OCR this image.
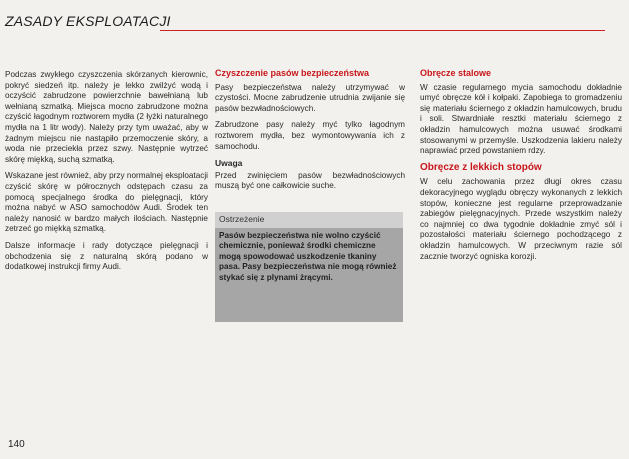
ZASADY EKSPLOATACJI

Podczas zwykłego czyszczenia skórzanych kierownic, pokryć siedzeń itp. należy je lekko zwilżyć wodą i oczyścić zabrudzone powierzchnie bawełnianą lub wełnianą szmatką. Miejsca mocno zabrudzone można czyścić łagodnym roztworem mydła (2 łyżki naturalnego mydła na 1 litr wody). Należy przy tym uważać, aby w żadnym miejscu nie nastąpiło przemoczenie skóry, a woda nie przeciekła przez szwy. Następnie wytrzeć skórę miękką, suchą szmatką.

Wskazane jest również, aby przy normalnej eksploatacji czyścić skórę w półrocznych odstępach czasu za pomocą specjalnego środka do pielęgnacji, który można nabyć w ASO samochodów Audi. Środek ten należy nanosić w bardzo małych ilościach. Następnie zetrzeć go miękką szmatką.

Dalsze informacje i rady dotyczące pielęgnacji i obchodzenia się z naturalną skórą podano w dodatkowej instrukcji firmy Audi.

Czyszczenie pasów bezpieczeństwa

Pasy bezpieczeństwa należy utrzymywać w czystości. Mocne zabrudzenie utrudnia zwijanie się pasów bezwładnościowych.

Zabrudzone pasy należy myć tylko łagodnym roztworem mydła, bez wymontowywania ich z samochodu.

Uwaga

Przed zwinięciem pasów bezwładnościowych muszą być one całkowicie suche.

Ostrzeżenie
Pasów bezpieczeństwa nie wolno czyścić chemicznie, ponieważ środki chemiczne mogą spowodować uszkodzenie tkaniny pasa. Pasy bezpieczeństwa nie mogą również stykać się z plynami żrącymi.
Obręcze stalowe

W czasie regularnego mycia samochodu dokładnie umyć obręcze kół i kołpaki. Zapobiega to gromadzeniu się materiału ściernego z okładzin hamulcowych, brudu i soli. Stwardniałe resztki materiału ściernego z okładzin hamulcowych można usuwać środkami stosowanymi w przemyśle. Uszkodzenia lakieru należy naprawiać przed powstaniem rdzy.

Obręcze z lekkich stopów

W celu zachowania przez długi okres czasu dekoracyjnego wyglądu obręczy wykonanych z lekkich stopów, konieczne jest regularne przeprowadzanie zabiegów pielęgnacyjnych. Przede wszystkim należy co najmniej co dwa tygodnie dokładnie zmyć sól i pozostałości materiału ściernego pochodzącego z okładzin hamulcowych. W przeciwnym razie sól zacznie tworzyć ogniska korozji.

140
